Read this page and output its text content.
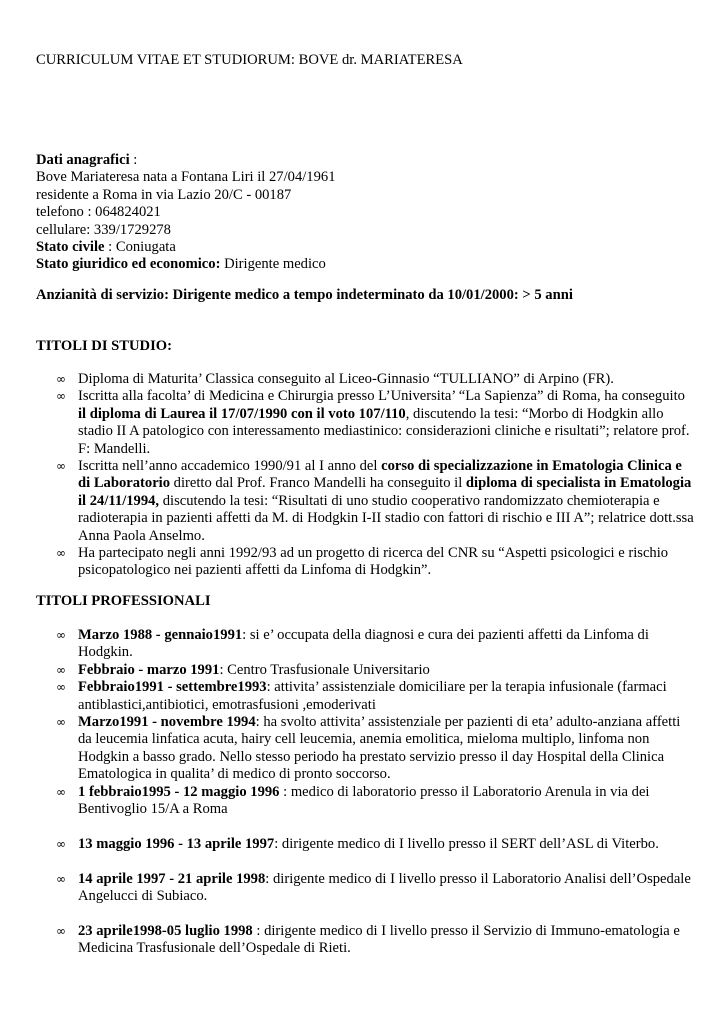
CURRICULUM VITAE ET STUDIORUM: BOVE dr. MARIATERESA
Dati anagrafici :
Bove Mariateresa nata a Fontana Liri il 27/04/1961
residente a Roma in via Lazio 20/C - 00187
telefono : 064824021
cellulare: 339/1729278
Stato civile : Coniugata
Stato giuridico ed economico: Dirigente medico
Anzianità di servizio: Dirigente medico a tempo indeterminato da 10/01/2000: > 5 anni
TITOLI DI STUDIO:
∞ Diploma di Maturita’ Classica conseguito al Liceo-Ginnasio “TULLIANO” di Arpino (FR).
∞ Iscritta alla facolta’ di Medicina e Chirurgia presso L’Universita’ “La Sapienza” di Roma, ha conseguito il diploma di Laurea il 17/07/1990 con il voto 107/110, discutendo la tesi: “Morbo di Hodgkin allo stadio II A patologico con interessamento mediastinico: considerazioni cliniche e risultati”; relatore prof. F: Mandelli.
∞ Iscritta nell’anno accademico 1990/91 al I anno del corso di specializzazione in Ematologia Clinica e di Laboratorio diretto dal Prof. Franco Mandelli ha conseguito il diploma di specialista in Ematologia il 24/11/1994, discutendo la tesi: “Risultati di uno studio cooperativo randomizzato chemioterapia e radioterapia in pazienti affetti da M. di Hodgkin I-II stadio con fattori di rischio e III A”; relatrice dott.ssa Anna Paola Anselmo.
∞ Ha partecipato negli anni 1992/93 ad un progetto di ricerca del CNR su “Aspetti psicologici e rischio psicopatologico nei pazienti affetti da Linfoma di Hodgkin”.
TITOLI PROFESSIONALI
∞ Marzo 1988 - gennaio1991: si e’ occupata della diagnosi e cura dei pazienti affetti da Linfoma di Hodgkin.
∞ Febbraio - marzo 1991: Centro Trasfusionale Universitario
∞ Febbraio1991 - settembre1993: attivita’ assistenziale domiciliare per la terapia infusionale (farmaci antiblastici,antibiotici, emotrasfusioni ,emoderivati
∞ Marzo1991 - novembre 1994: ha svolto attivita’ assistenziale per pazienti di eta’ adulto-anziana affetti da leucemia linfatica acuta, hairy cell leucemia, anemia emolitica, mieloma multiplo, linfoma non Hodgkin a basso grado. Nello stesso periodo ha prestato servizio presso il day Hospital della Clinica Ematologica in qualita’ di medico di pronto soccorso.
∞ 1 febbraio1995 - 12 maggio 1996 : medico di laboratorio presso il Laboratorio Arenula in via dei Bentivoglio 15/A a Roma
∞ 13 maggio 1996 - 13 aprile 1997: dirigente medico di I livello presso il SERT dell’ASL di Viterbo.
∞ 14 aprile 1997 - 21 aprile 1998: dirigente medico di I livello presso il Laboratorio Analisi dell’Ospedale Angelucci di Subiaco.
∞ 23 aprile1998-05 luglio 1998 : dirigente medico di I livello presso il Servizio di Immuno-ematologia e Medicina Trasfusionale dell’Ospedale di Rieti.
